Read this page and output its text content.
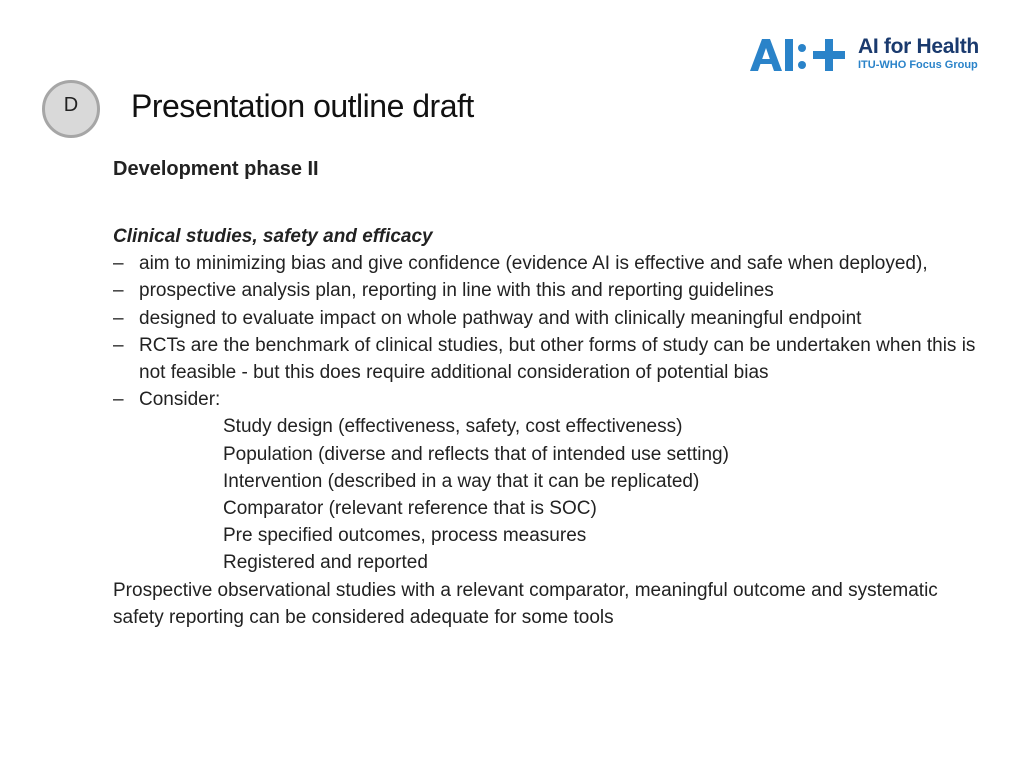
D Presentation outline draft
AI for Health
ITU-WHO Focus Group

Development phase II

Clinical studies, safety and efficacy

– aim to minimizing bias and give confidence (evidence AI is effective and safe when deployed),
– prospective analysis plan, reporting in line with this and reporting guidelines
– designed to evaluate impact on whole pathway and with clinically meaningful endpoint
– RCTs are the benchmark of clinical studies, but other forms of study can be undertaken when this is not feasible - but this does require additional consideration of potential bias
– Consider:
Study design (effectiveness, safety, cost effectiveness)
Population (diverse and reflects that of intended use setting)
Intervention (described in a way that it can be replicated)
Comparator (relevant reference that is SOC)
Pre specified outcomes, process measures
Registered and reported

Prospective observational studies with a relevant comparator, meaningful outcome and systematic safety reporting can be considered adequate for some tools
